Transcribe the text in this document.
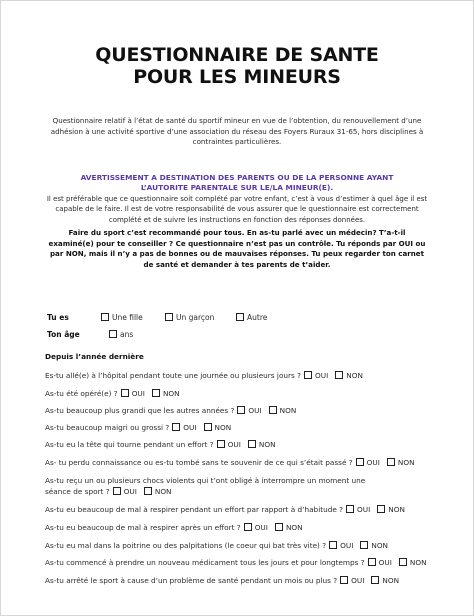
QUESTIONNAIRE DE SANTE
POUR LES MINEURS
Questionnaire relatif à l’état de santé du sportif mineur en vue de l’obtention, du renouvellement d’une adhésion à une activité sportive d’une association du réseau des Foyers Ruraux 31-65, hors disciplines à contraintes particulières.
AVERTISSEMENT A DESTINATION DES PARENTS OU DE LA PERSONNE AYANT L’AUTORITE PARENTALE SUR LE/LA MINEUR(E).
Il est préférable que ce questionnaire soit complété par votre enfant, c’est à vous d’estimer à quel âge il est capable de le faire. Il est de votre responsabilité de vous assurer que le questionnaire est correctement complété et de suivre les instructions en fonction des réponses données.
Faire du sport c’est recommandé pour tous. En as-tu parlé avec un médecin? T’a-t-il examiné(e) pour te conseiller ? Ce questionnaire n’est pas un contrôle. Tu réponds par OUI ou par NON, mais il n’y a pas de bonnes ou de mauvaises réponses. Tu peux regarder ton carnet de santé et demander à tes parents de t’aider.
Tu es	Une fille	Un garçon	Autre
Ton âge	ans
Depuis l’année dernière
Es-tu allé(e) à l’hôpital pendant toute une journée ou plusieurs jours ? OUI NON
As-tu été opéré(e) ? OUI NON
As-tu beaucoup plus grandi que les autres années ? OUI NON
As-tu beaucoup maigri ou grossi ? OUI NON
As-tu eu la tête qui tourne pendant un effort ? OUI NON
As- tu perdu connaissance ou es-tu tombé sans te souvenir de ce qui s’était passé ? OUI NON
As-tu reçu un ou plusieurs chocs violents qui t’ont obligé à interrompre un moment une séance de sport ? OUI NON
As-tu eu beaucoup de mal à respirer pendant un effort par rapport à d’habitude ? OUI NON
As-tu eu beaucoup de mal à respirer après un effort ? OUI NON
As-tu eu mal dans la poitrine ou des palpitations (le coeur qui bat très vite) ? OUI NON
As-tu commencé à prendre un nouveau médicament tous les jours et pour longtemps ? OUI NON
As-tu arrêté le sport à cause d’un problème de santé pendant un mois ou plus ? OUI NON
